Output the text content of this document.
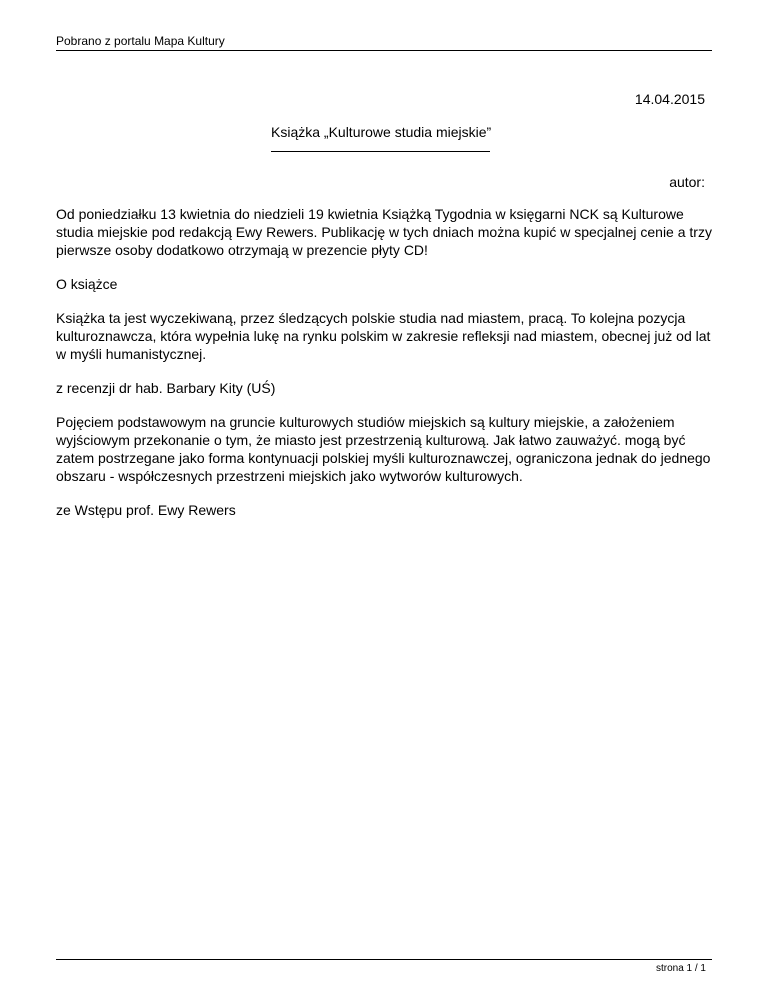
Pobrano z portalu Mapa Kultury
14.04.2015
Książka „Kulturowe studia miejskie”
autor:

Od poniedziałku 13 kwietnia do niedzieli 19 kwietnia Książką Tygodnia w księgarni NCK są Kulturowe studia miejskie pod redakcją Ewy Rewers. Publikację w tych dniach można kupić w specjalnej cenie a trzy pierwsze osoby dodatkowo otrzymają w prezencie płyty CD!

O książce

Książka ta jest wyczekiwaną, przez śledzących polskie studia nad miastem, pracą. To kolejna pozycja kulturoznawcza, która wypełnia lukę na rynku polskim w zakresie refleksji nad miastem, obecnej już od lat w myśli humanistycznej.

z recenzji dr hab. Barbary Kity (UŚ)

Pojęciem podstawowym na gruncie kulturowych studiów miejskich są kultury miejskie, a założeniem wyjściowym przekonanie o tym, że miasto jest przestrzenią kulturową. Jak łatwo zauważyć. mogą być zatem postrzegane jako forma kontynuacji polskiej myśli kulturoznawczej, ograniczona jednak do jednego obszaru - współczesnych przestrzeni miejskich jako wytworów kulturowych.

ze Wstępu prof. Ewy Rewers

strona 1 / 1
